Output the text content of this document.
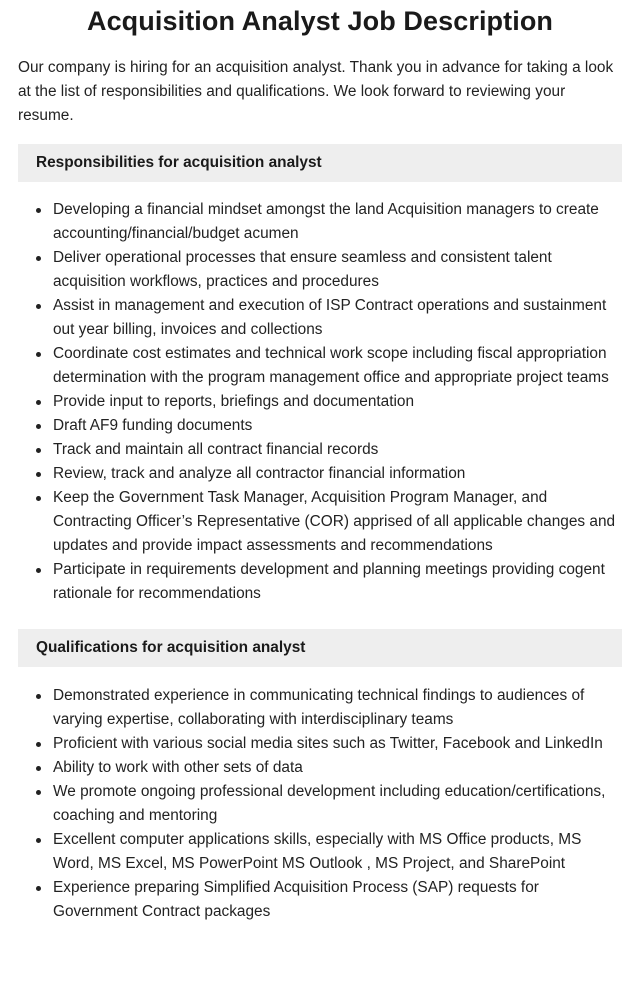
Acquisition Analyst Job Description

Our company is hiring for an acquisition analyst. Thank you in advance for taking a look at the list of responsibilities and qualifications. We look forward to reviewing your resume.

Responsibilities for acquisition analyst
Developing a financial mindset amongst the land Acquisition managers to create accounting/financial/budget acumen
Deliver operational processes that ensure seamless and consistent talent acquisition workflows, practices and procedures
Assist in management and execution of ISP Contract operations and sustainment out year billing, invoices and collections
Coordinate cost estimates and technical work scope including fiscal appropriation determination with the program management office and appropriate project teams
Provide input to reports, briefings and documentation
Draft AF9 funding documents
Track and maintain all contract financial records
Review, track and analyze all contractor financial information
Keep the Government Task Manager, Acquisition Program Manager, and Contracting Officer’s Representative (COR) apprised of all applicable changes and updates and provide impact assessments and recommendations
Participate in requirements development and planning meetings providing cogent rationale for recommendations
Qualifications for acquisition analyst
Demonstrated experience in communicating technical findings to audiences of varying expertise, collaborating with interdisciplinary teams
Proficient with various social media sites such as Twitter, Facebook and LinkedIn
Ability to work with other sets of data
We promote ongoing professional development including education/certifications, coaching and mentoring
Excellent computer applications skills, especially with MS Office products, MS Word, MS Excel, MS PowerPoint MS Outlook , MS Project, and SharePoint
Experience preparing Simplified Acquisition Process (SAP) requests for Government Contract packages
